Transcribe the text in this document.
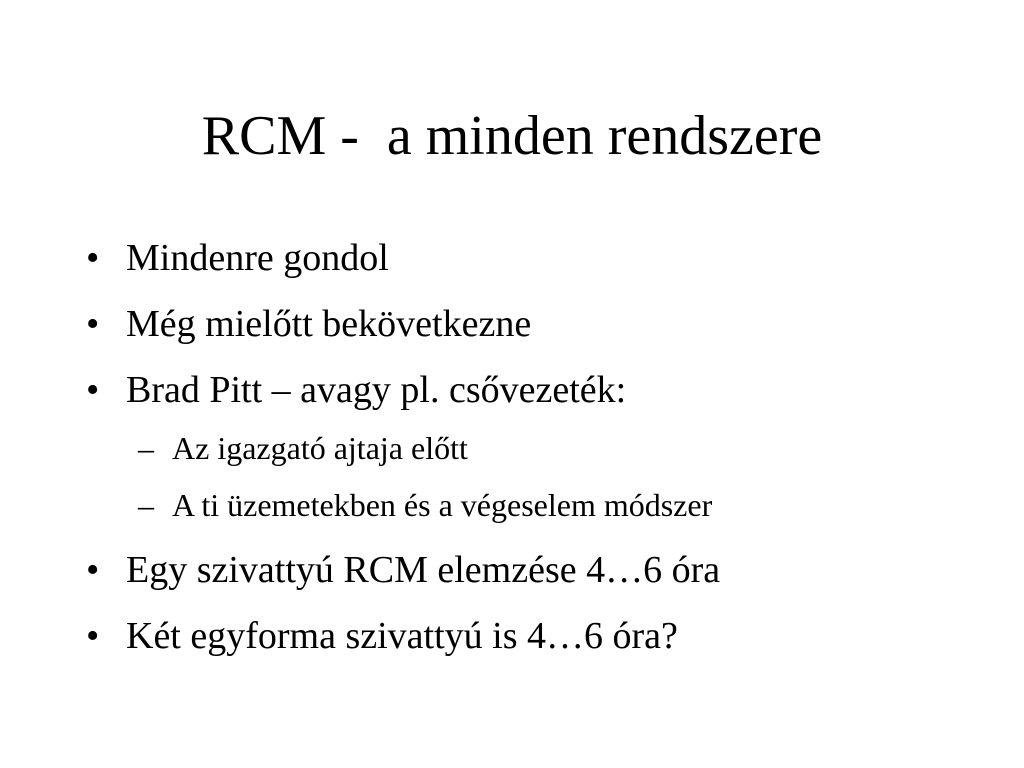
RCM -  a minden rendszere
• Mindenre gondol
• Még mielőtt bekövetkezne
• Brad Pitt – avagy pl. csővezeték:
– Az igazgató ajtaja előtt
– A ti üzemetekben és a végeselem módszer
• Egy szivattyú RCM elemzése 4…6 óra
• Két egyforma szivattyú is 4…6 óra?
